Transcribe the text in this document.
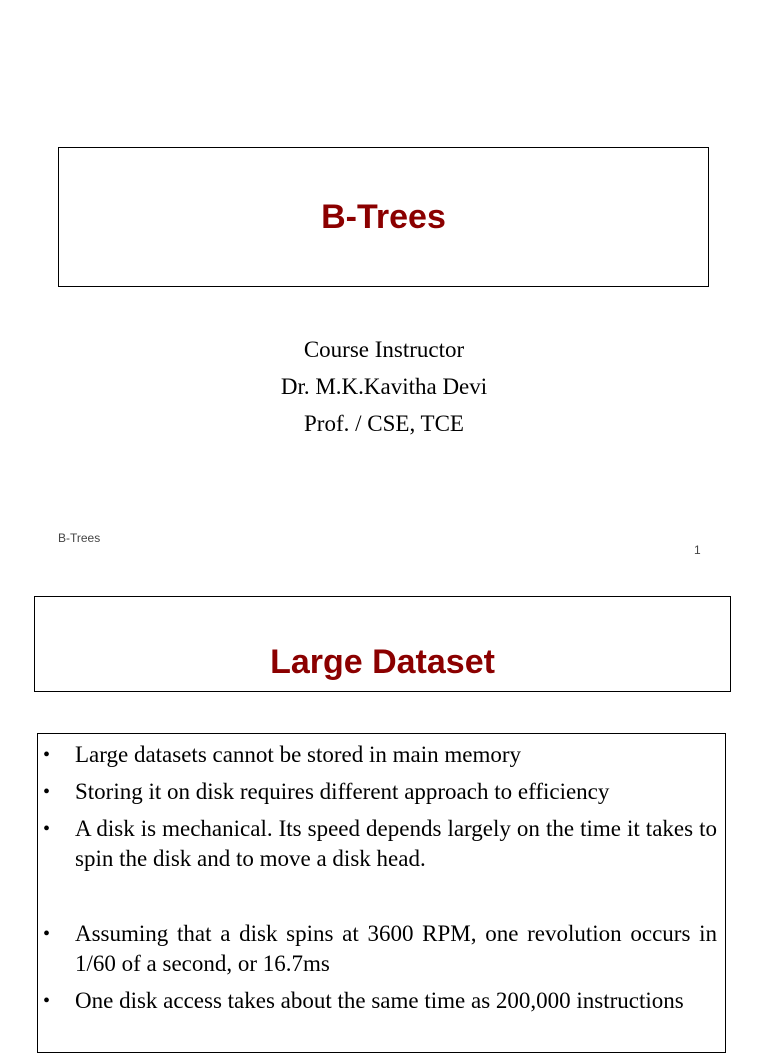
B-Trees
Course Instructor
Dr. M.K.Kavitha Devi
Prof. / CSE, TCE
B-Trees
1
Large Dataset
• Large datasets cannot be stored in main memory
• Storing it on disk requires different approach to efficiency
• A disk is mechanical. Its speed depends largely on the time it takes to spin the disk and to move a disk head.
• Assuming that a disk spins at 3600 RPM, one revolution occurs in 1/60 of a second, or 16.7ms
• One disk access takes about the same time as 200,000 instructions
